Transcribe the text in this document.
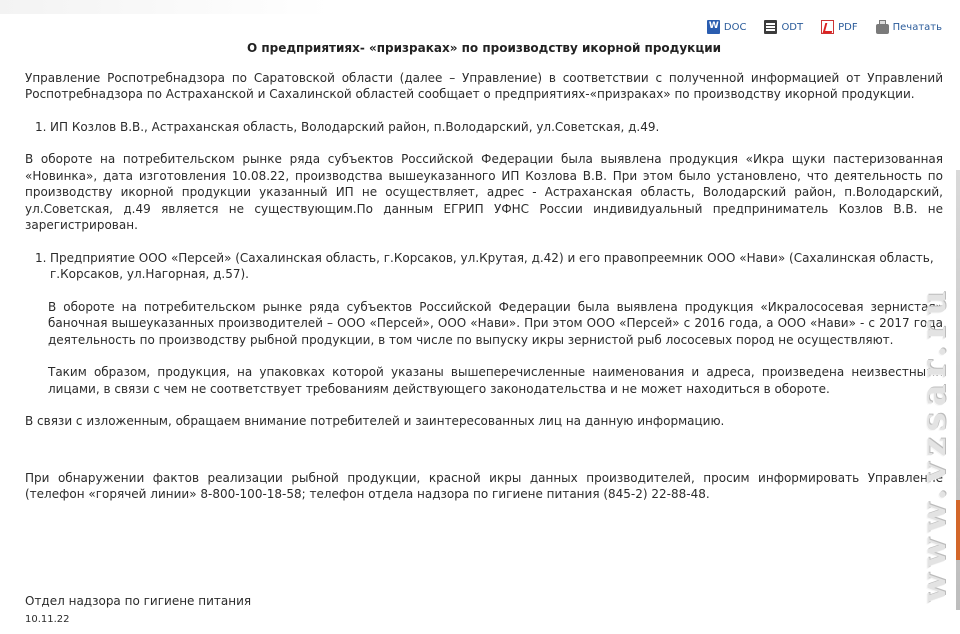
W
DOC	ODT	PDF	Печатать
О предприятиях- «призраках» по производству икорной продукции

Управление Роспотребнадзора по Саратовской области (далее – Управление) в соответствии с полученной информацией от Управлений Роспотребнадзора по Астраханской и Сахалинской областей сообщает о предприятиях-«призраках» по производству икорной продукции.

1. ИП Козлов В.В., Астраханская область, Володарский район, п.Володарский, ул.Советская, д.49.

В обороте на потребительском рынке ряда субъектов Российской Федерации была выявлена продукция «Икра щуки пастеризованная «Новинка», дата изготовления 10.08.22, производства вышеуказанного ИП Козлова В.В. При этом было установлено, что деятельность по производству икорной продукции указанный ИП не осуществляет, адрес - Астраханская область, Володарский район, п.Володарский, ул.Советская, д.49 является не существующим.По данным ЕГРИП УФНС России индивидуальный предприниматель Козлов В.В. не зарегистрирован.

1. Предприятие ООО «Персей» (Сахалинская область, г.Корсаков, ул.Крутая, д.42) и его правопреемник ООО «Нави» (Сахалинская область, г.Корсаков, ул.Нагорная, д.57).

В обороте на потребительском рынке ряда субъектов Российской Федерации была выявлена продукция «Икралососевая зернистая» баночная вышеуказанных производителей – ООО «Персей», ООО «Нави». При этом ООО «Персей» с 2016 года, а ООО «Нави» - с 2017 года деятельность по производству рыбной продукции, в том числе по выпуску икры зернистой рыб лососевых пород не осуществляют.

Таким образом, продукция, на упаковках которой указаны вышеперечисленные наименования и адреса, произведена неизвестными лицами, в связи с чем не соответствует требованиям действующего законодательства и не может находиться в обороте.

В связи с изложенным, обращаем внимание потребителей и заинтересованных лиц на данную информацию.

При обнаружении фактов реализации рыбной продукции, красной икры данных производителей, просим информировать Управление (телефон «горячей линии» 8-800-100-18-58; телефон отдела надзора по гигиене питания (845-2) 22-88-48.

Отдел надзора по гигиене питания
10.11.22
www.vzsar.ru
